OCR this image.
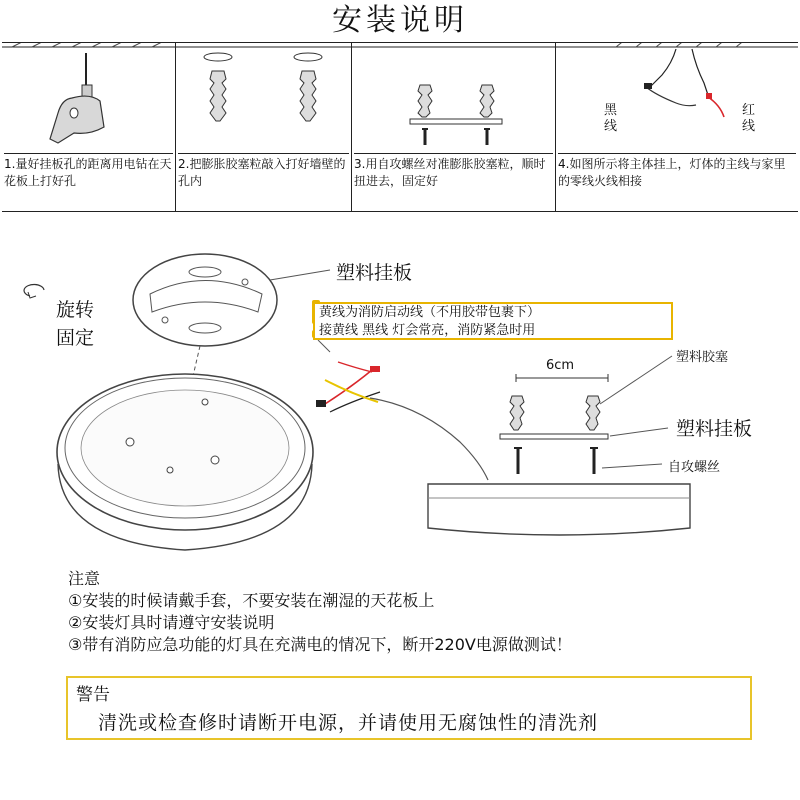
安装说明
1.量好挂板孔的距离用电钻在天花板上打好孔
2.把膨胀胶塞粒敲入打好墙壁的孔内
3.用自攻螺丝对准膨胀胶塞粒，顺时扭进去，固定好
黑
线
红
线
4.如图所示将主体挂上，灯体的主线与家里的零线火线相接
旋转
固定
塑料挂板
黄线为消防启动线（不用胶带包裹下）
接黄线 黑线 灯会常亮，消防紧急时用
6cm
塑料胶塞
塑料挂板
自攻螺丝
注意
①安装的时候请戴手套，不要安装在潮湿的天花板上
②安装灯具时请遵守安装说明
③带有消防应急功能的灯具在充满电的情况下，断开220V电源做测试！
警告
清洗或检查修时请断开电源，并请使用无腐蚀性的清洗剂
